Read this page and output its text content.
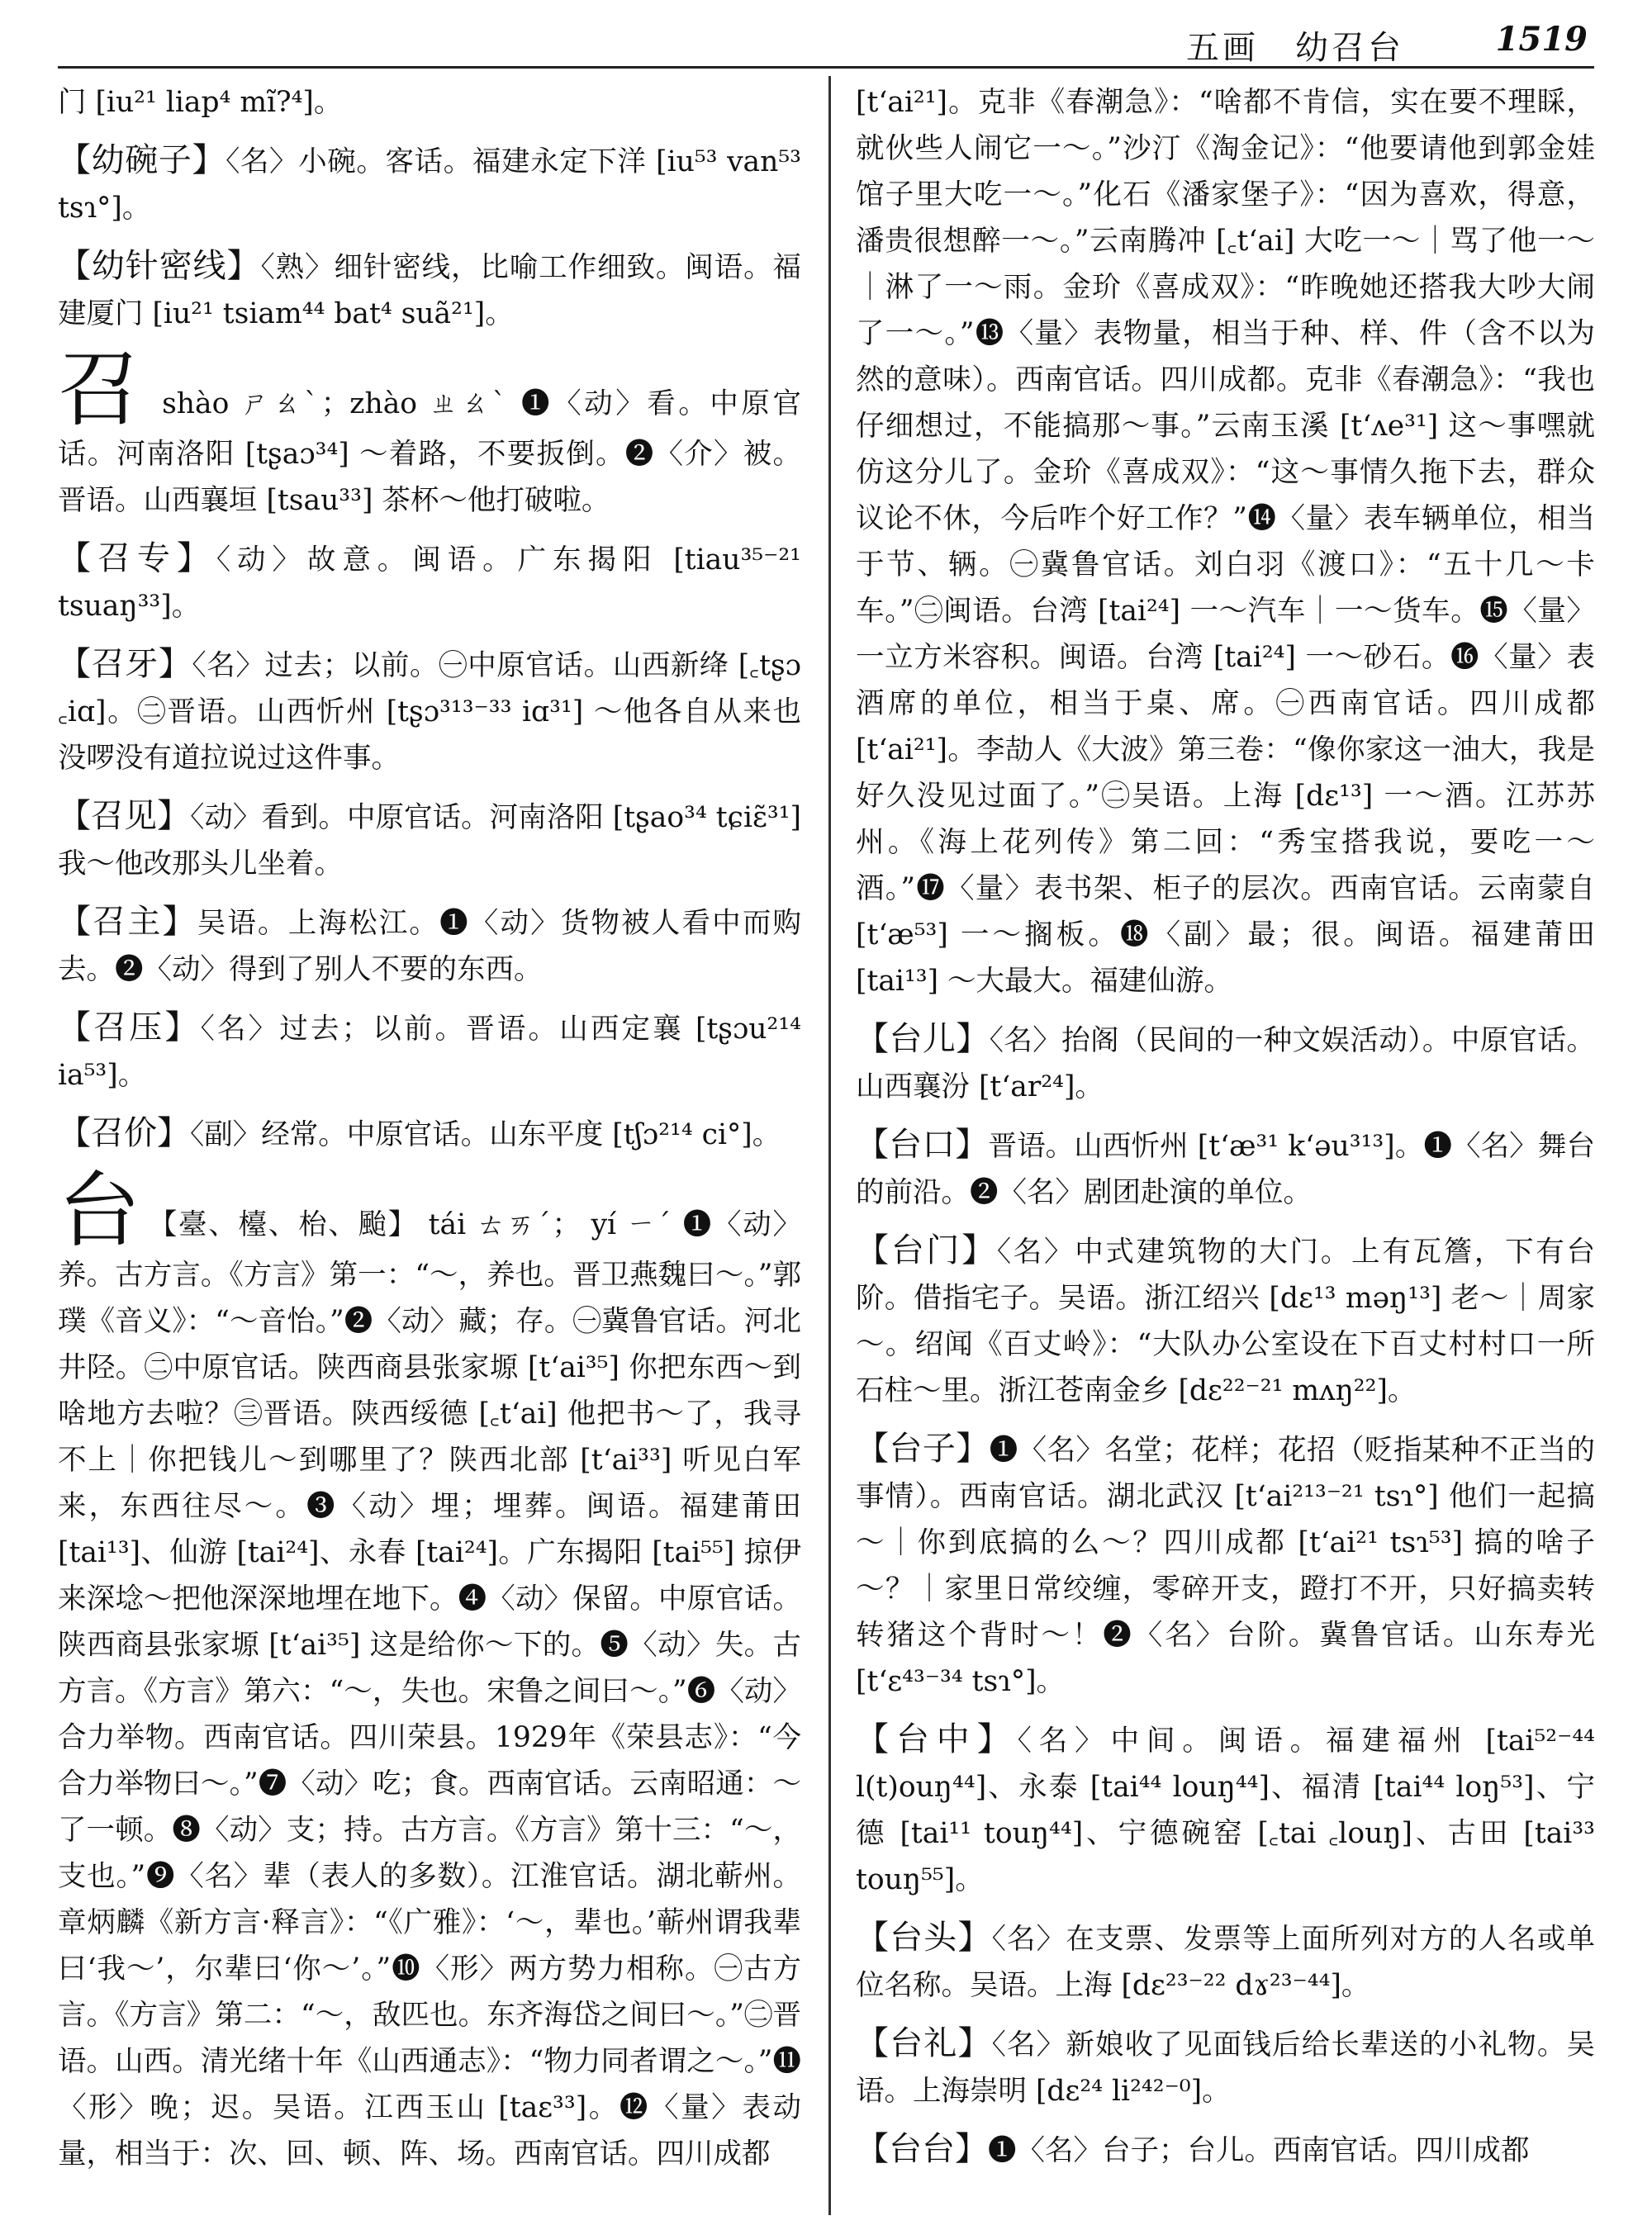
五画　幼召台	1519

门 [iu²¹ liap⁴ mĩ?⁴]。

【幼碗子】〈名〉小碗。客话。福建永定下洋 [iu⁵³ van⁵³ tsɿ°]。

【幼针密线】〈熟〉细针密线，比喻工作细致。闽语。福建厦门 [iu²¹ tsiam⁴⁴ bat⁴ suã²¹]。

召 shào ㄕㄠˋ；zhào ㄓㄠˋ ❶〈动〉看。中原官话。河南洛阳 [tʂaɔ³⁴] ～着路，不要扳倒。❷〈介〉被。晋语。山西襄垣 [tsau³³] 茶杯～他打破啦。

【召专】〈动〉故意。闽语。广东揭阳 [tiau³⁵⁻²¹ tsuaŋ³³]。

【召牙】〈名〉过去；以前。㊀中原官话。山西新绛 [꜀tʂɔ ꜀iɑ]。㊁晋语。山西忻州 [tʂɔ³¹³⁻³³ iɑ³¹] ～他各自从来也没啰没有道拉说过这件事。

【召见】〈动〉看到。中原官话。河南洛阳 [tʂao³⁴ tɕiɛ̃³¹] 我～他改那头儿坐着。

【召主】吴语。上海松江。❶〈动〉货物被人看中而购去。❷〈动〉得到了别人不要的东西。

【召压】〈名〉过去；以前。晋语。山西定襄 [tʂɔu²¹⁴ ia⁵³]。

【召价】〈副〉经常。中原官话。山东平度 [tʃɔ²¹⁴ ci°]。

台 【臺、檯、枱、颱】 tái ㄊㄞˊ； yí ㄧˊ ❶〈动〉养。古方言。《方言》第一：“～，养也。晋卫燕魏曰～。”郭璞《音义》：“～音怡。”❷〈动〉藏；存。㊀冀鲁官话。河北井陉。㊁中原官话。陕西商县张家塬 [tʻai³⁵] 你把东西～到啥地方去啦？㊂晋语。陕西绥德 [꜀tʻai] 他把书～了，我寻不上｜你把钱儿～到哪里了？陕西北部 [tʻai³³] 听见白军来，东西往尽～。❸〈动〉埋；埋葬。闽语。福建莆田 [tai¹³]、仙游 [tai²⁴]、永春 [tai²⁴]。广东揭阳 [tai⁵⁵] 掠伊来深埝～把他深深地埋在地下。❹〈动〉保留。中原官话。陕西商县张家塬 [tʻai³⁵] 这是给你～下的。❺〈动〉失。古方言。《方言》第六：“～，失也。宋鲁之间曰～。”❻〈动〉合力举物。西南官话。四川荣县。1929年《荣县志》：“今合力举物曰～。”❼〈动〉吃；食。西南官话。云南昭通：～了一顿。❽〈动〉支；持。古方言。《方言》第十三：“～，支也。”❾〈名〉辈（表人的多数）。江淮官话。湖北蕲州。章炳麟《新方言·释言》：“《广雅》：‘～，辈也。’蕲州谓我辈曰‘我～’，尔辈曰‘你～’。”❿〈形〉两方势力相称。㊀古方言。《方言》第二：“～，敌匹也。东齐海岱之间曰～。”㊁晋语。山西。清光绪十年《山西通志》：“物力同者谓之～。”⓫〈形〉晚；迟。吴语。江西玉山 [taɛ³³]。⓬〈量〉表动量，相当于：次、回、顿、阵、场。西南官话。四川成都

[tʻai²¹]。克非《春潮急》：“啥都不肯信，实在要不理睬，就伙些人闹它一～。”沙汀《淘金记》：“他要请他到郭金娃馆子里大吃一～。”化石《潘家堡子》：“因为喜欢，得意，潘贵很想醉一～。”云南腾冲 [꜀tʻai] 大吃一～｜骂了他一～｜淋了一～雨。金玠《喜成双》：“昨晚她还搭我大吵大闹了一～。”⓭〈量〉表物量，相当于种、样、件（含不以为然的意味）。西南官话。四川成都。克非《春潮急》：“我也仔细想过，不能搞那～事。”云南玉溪 [tʻʌe³¹] 这～事嘿就仿这分儿了。金玠《喜成双》：“这～事情久拖下去，群众议论不休，今后咋个好工作？”⓮〈量〉表车辆单位，相当于节、辆。㊀冀鲁官话。刘白羽《渡口》：“五十几～卡车。”㊁闽语。台湾 [tai²⁴] 一～汽车｜一～货车。⓯〈量〉一立方米容积。闽语。台湾 [tai²⁴] 一～砂石。⓰〈量〉表酒席的单位，相当于桌、席。㊀西南官话。四川成都 [tʻai²¹]。李劼人《大波》第三卷：“像你家这一油大，我是好久没见过面了。”㊁吴语。上海 [dɛ¹³] 一～酒。江苏苏州。《海上花列传》第二回：“秀宝搭我说，要吃一～酒。”⓱〈量〉表书架、柜子的层次。西南官话。云南蒙自 [tʻæ⁵³] 一～搁板。⓲〈副〉最；很。闽语。福建莆田 [tai¹³] ～大最大。福建仙游。

【台儿】〈名〉抬阁（民间的一种文娱活动）。中原官话。山西襄汾 [tʻar²⁴]。

【台口】晋语。山西忻州 [tʻæ³¹ kʻəu³¹³]。❶〈名〉舞台的前沿。❷〈名〉剧团赴演的单位。

【台门】〈名〉中式建筑物的大门。上有瓦簷，下有台阶。借指宅子。吴语。浙江绍兴 [dɛ¹³ məŋ¹³] 老～｜周家～。绍闻《百丈岭》：“大队办公室设在下百丈村村口一所石柱～里。浙江苍南金乡 [dɛ²²⁻²¹ mʌŋ²²]。

【台子】❶〈名〉名堂；花样；花招（贬指某种不正当的事情）。西南官话。湖北武汉 [tʻai²¹³⁻²¹ tsɿ°] 他们一起搞～｜你到底搞的么～？四川成都 [tʻai²¹ tsɿ⁵³] 搞的啥子～？｜家里日常绞缠，零碎开支，蹬打不开，只好搞卖转转猪这个背时～！❷〈名〉台阶。冀鲁官话。山东寿光 [tʻɛ⁴³⁻³⁴ tsɿ°]。

【台中】〈名〉中间。闽语。福建福州 [tai⁵²⁻⁴⁴ l(t)ouŋ⁴⁴]、永泰 [tai⁴⁴ louŋ⁴⁴]、福清 [tai⁴⁴ loŋ⁵³]、宁德 [tai¹¹ touŋ⁴⁴]、宁德碗窑 [꜀tai ꜀louŋ]、古田 [tai³³ touŋ⁵⁵]。

【台头】〈名〉在支票、发票等上面所列对方的人名或单位名称。吴语。上海 [dɛ²³⁻²² dɤ²³⁻⁴⁴]。

【台礼】〈名〉新娘收了见面钱后给长辈送的小礼物。吴语。上海崇明 [dɛ²⁴ li²⁴²⁻⁰]。

【台台】❶〈名〉台子；台儿。西南官话。四川成都
